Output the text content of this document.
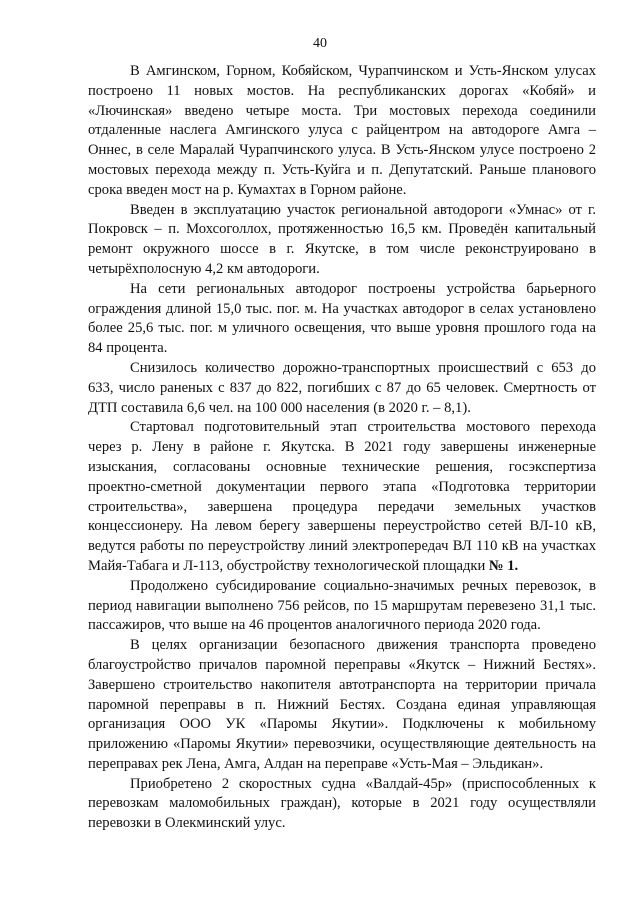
40

В Амгинском, Горном, Кобяйском, Чурапчинском и Усть-Янском улусах построено 11 новых мостов. На республиканских дорогах «Кобяй» и «Лючинская» введено четыре моста. Три мостовых перехода соединили отдаленные наслега Амгинского улуса с райцентром на автодороге Амга – Оннес, в селе Маралай Чурапчинского улуса. В Усть-Янском улусе построено 2 мостовых перехода между п. Усть-Куйга и п. Депутатский. Раньше планового срока введен мост на р. Кумахтах в Горном районе.

Введен в эксплуатацию участок региональной автодороги «Умнас» от г. Покровск – п. Мохсоголлох, протяженностью 16,5 км. Проведён капитальный ремонт окружного шоссе в г. Якутске, в том числе реконструировано в четырёхполосную 4,2 км автодороги.

На сети региональных автодорог построены устройства барьерного ограждения длиной 15,0 тыс. пог. м. На участках автодорог в селах установлено более 25,6 тыс. пог. м уличного освещения, что выше уровня прошлого года на 84 процента.

Снизилось количество дорожно-транспортных происшествий с 653 до 633, число раненых с 837 до 822, погибших с 87 до 65 человек. Смертность от ДТП составила 6,6 чел. на 100 000 населения (в 2020 г. – 8,1).

Стартовал подготовительный этап строительства мостового перехода через р. Лену в районе г. Якутска. В 2021 году завершены инженерные изыскания, согласованы основные технические решения, госэкспертиза проектно-сметной документации первого этапа «Подготовка территории строительства», завершена процедура передачи земельных участков концессионеру. На левом берегу завершены переустройство сетей ВЛ-10 кВ, ведутся работы по переустройству линий электропередач ВЛ 110 кВ на участках Майя-Табага и Л-113, обустройству технологической площадки № 1.

Продолжено субсидирование социально-значимых речных перевозок, в период навигации выполнено 756 рейсов, по 15 маршрутам перевезено 31,1 тыс. пассажиров, что выше на 46 процентов аналогичного периода 2020 года.

В целях организации безопасного движения транспорта проведено благоустройство причалов паромной переправы «Якутск – Нижний Бестях». Завершено строительство накопителя автотранспорта на территории причала паромной переправы в п. Нижний Бестях. Создана единая управляющая организация ООО УК «Паромы Якутии». Подключены к мобильному приложению «Паромы Якутии» перевозчики, осуществляющие деятельность на переправах рек Лена, Амга, Алдан на переправе «Усть-Мая – Эльдикан».

Приобретено 2 скоростных судна «Валдай-45р» (приспособленных к перевозкам маломобильных граждан), которые в 2021 году осуществляли перевозки в Олекминский улус.
